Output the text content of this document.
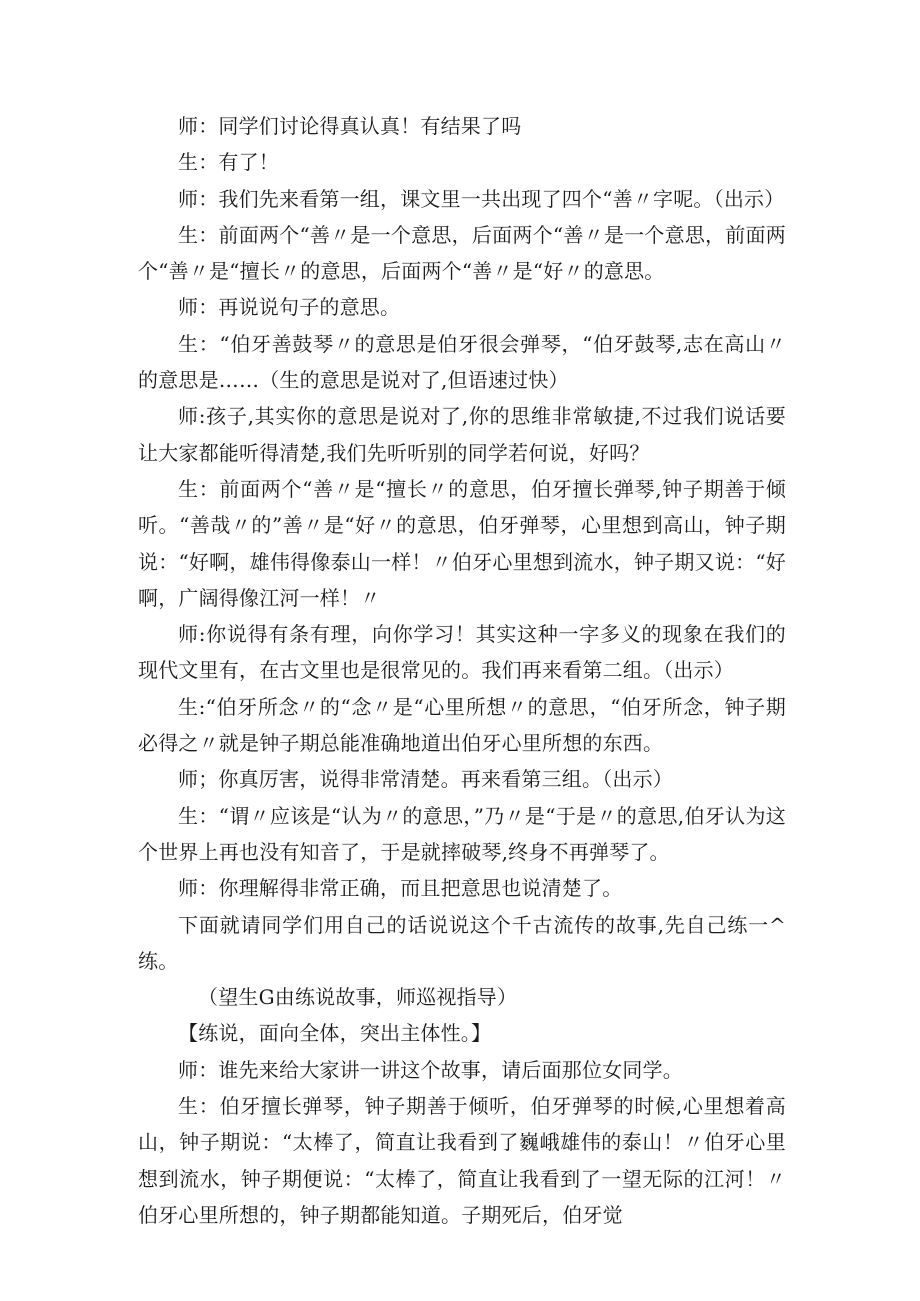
师：同学们讨论得真认真！有结果了吗

生：有了！

师：我们先来看第一组，课文里一共出现了四个“善〃字呢。（出示）

生：前面两个“善〃是一个意思，后面两个“善〃是一个意思，前面两个“善〃是“擅长〃的意思，后面两个“善〃是“好〃的意思。

师：再说说句子的意思。

生：“伯牙善鼓琴〃的意思是伯牙很会弹琴，“伯牙鼓琴,志在高山〃的意思是……（生的意思是说对了,但语速过快）

师:孩子,其实你的意思是说对了,你的思维非常敏捷,不过我们说话要让大家都能听得清楚,我们先听听别的同学若何说，好吗？

生：前面两个“善〃是“擅长〃的意思，伯牙擅长弹琴,钟子期善于倾听。“善哉〃的”善〃是“好〃的意思，伯牙弹琴，心里想到高山，钟子期说：“好啊，雄伟得像泰山一样！〃伯牙心里想到流水，钟子期又说：“好啊，广阔得像江河一样！〃

师:你说得有条有理，向你学习！其实这种一字多义的现象在我们的现代文里有，在古文里也是很常见的。我们再来看第二组。（出示）

生:“伯牙所念〃的“念〃是“心里所想〃的意思，“伯牙所念，钟子期必得之〃就是钟子期总能准确地道出伯牙心里所想的东西。

师；你真厉害，说得非常清楚。再来看第三组。（出示）

生：“谓〃应该是“认为〃的意思，”乃〃是“于是〃的意思,伯牙认为这个世界上再也没有知音了，于是就摔破琴,终身不再弹琴了。

师：你理解得非常正确，而且把意思也说清楚了。

下面就请同学们用自己的话说说这个千古流传的故事,先自己练一^练。

（望生G由练说故事，师巡视指导）

【练说，面向全体，突出主体性。】

师：谁先来给大家讲一讲这个故事，请后面那位女同学。

生：伯牙擅长弹琴，钟子期善于倾听，伯牙弹琴的时候,心里想着高山，钟子期说：“太棒了，简直让我看到了巍峨雄伟的泰山！〃伯牙心里想到流水，钟子期便说：“太棒了，简直让我看到了一望无际的江河！〃伯牙心里所想的，钟子期都能知道。子期死后，伯牙觉
